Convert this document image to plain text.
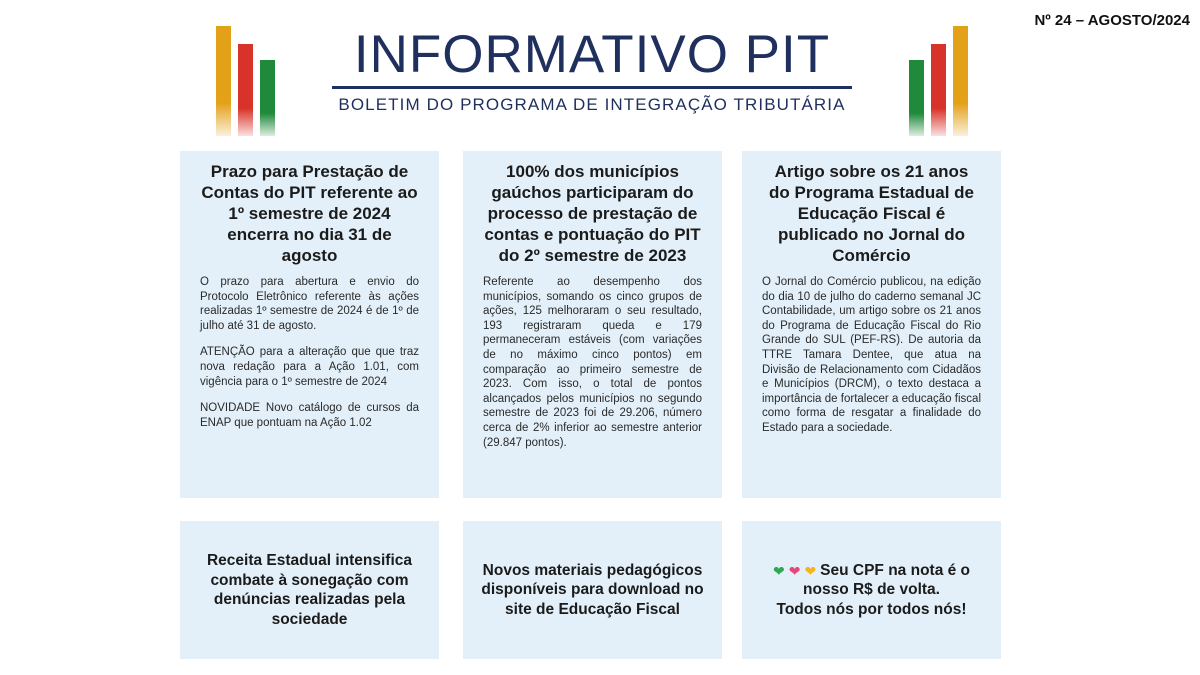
Nº 24 – AGOSTO/2024
INFORMATIVO PIT
BOLETIM DO PROGRAMA DE INTEGRAÇÃO TRIBUTÁRIA
Prazo para Prestação de Contas do PIT referente ao 1º semestre de 2024 encerra no dia 31 de agosto

O prazo para abertura e envio do Protocolo Eletrônico referente às ações realizadas 1º semestre de 2024 é de 1º de julho até 31 de agosto.

ATENÇÃO para a alteração que que traz nova redação para a Ação 1.01, com vigência para o 1º semestre de 2024

NOVIDADE Novo catálogo de cursos da ENAP que pontuam na Ação 1.02

100% dos municípios gaúchos participaram do processo de prestação de contas e pontuação do PIT do 2º semestre de 2023

Referente ao desempenho dos municípios, somando os cinco grupos de ações, 125 melhoraram o seu resultado, 193 registraram queda e 179 permaneceram estáveis (com variações de no máximo cinco pontos) em comparação ao primeiro semestre de 2023. Com isso, o total de pontos alcançados pelos municípios no segundo semestre de 2023 foi de 29.206, número cerca de 2% inferior ao semestre anterior (29.847 pontos).

Artigo sobre os 21 anos do Programa Estadual de Educação Fiscal é publicado no Jornal do Comércio

O Jornal do Comércio publicou, na edição do dia 10 de julho do caderno semanal JC Contabilidade, um artigo sobre os 21 anos do Programa de Educação Fiscal do Rio Grande do SUL (PEF-RS). De autoria da TTRE Tamara Dentee, que atua na Divisão de Relacionamento com Cidadãos e Municípios (DRCM), o texto destaca a importância de fortalecer a educação fiscal como forma de resgatar a finalidade do Estado para a sociedade.

Receita Estadual intensifica combate à sonegação com denúncias realizadas pela sociedade
Novos materiais pedagógicos disponíveis para download no site de Educação Fiscal
❤ ❤ ❤ Seu CPF na nota é o nosso R$ de volta.
Todos nós por todos nós!
